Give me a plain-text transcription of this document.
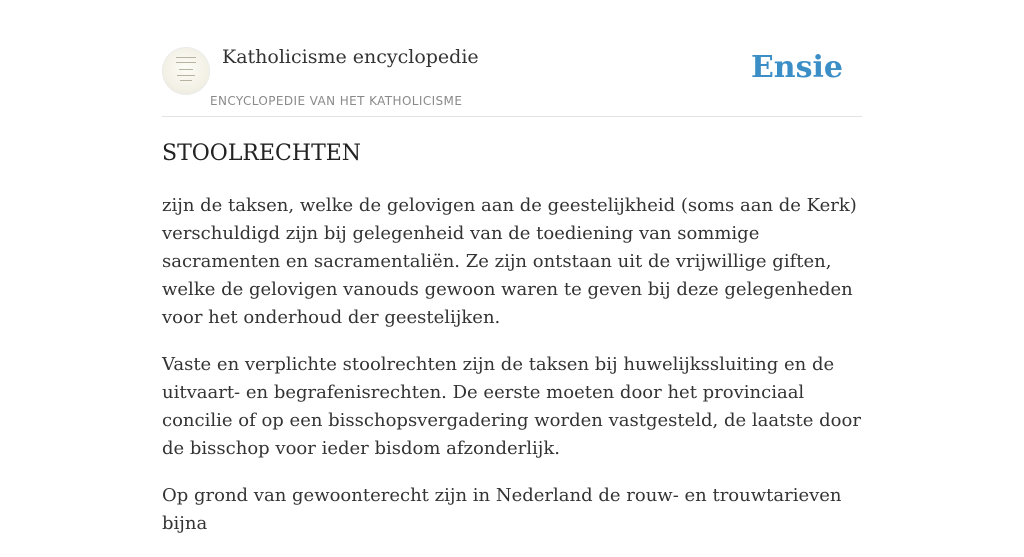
Katholicisme encyclopedie
ENCYCLOPEDIE VAN HET KATHOLICISME
Ensie
STOOLRECHTEN

zijn de taksen, welke de gelovigen aan de geestelijkheid (soms aan de Kerk) verschuldigd zijn bij gelegenheid van de toediening van sommige sacramenten en sacramentaliën. Ze zijn ontstaan uit de vrijwillige giften, welke de gelovigen vanouds gewoon waren te geven bij deze gelegenheden voor het onderhoud der geestelijken.

Vaste en verplichte stoolrechten zijn de taksen bij huwelijkssluiting en de uitvaart- en begrafenisrechten. De eerste moeten door het provinciaal concilie of op een bisschopsvergadering worden vastgesteld, de laatste door de bisschop voor ieder bisdom afzonderlijk.

Op grond van gewoonterecht zijn in Nederland de rouw- en trouwtarieven bijna
